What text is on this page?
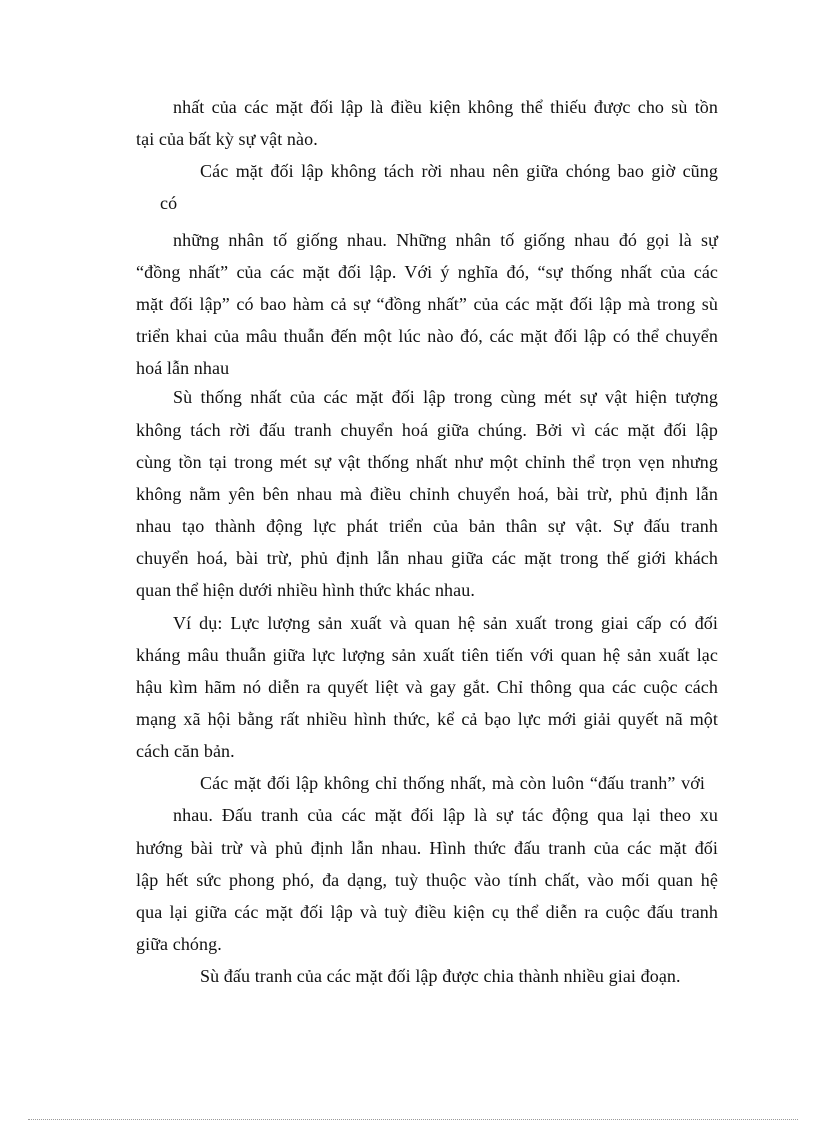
nhất của các mặt đối lập là điều kiện không thể thiếu được cho sù tồn
tại của bất kỳ sự vật nào.
Các mặt đối lập không tách rời nhau nên giữa chóng bao giờ cũng
có
những nhân tố giống nhau. Những nhân tố giống nhau đó gọi là sự
“đồng nhất” của các mặt đối lập. Với ý nghĩa đó, “sự thống nhất của các
mặt đối lập” có bao hàm cả sự “đồng nhất” của các mặt đối lập mà trong sù
triển khai của mâu thuẫn đến một lúc nào đó, các mặt đối lập có thể chuyển
hoá lẫn nhau
Sù thống nhất của các mặt đối lập trong cùng mét sự vật hiện tượng
không tách rời đấu tranh chuyển hoá giữa chúng. Bởi vì các mặt đối lập
cùng tồn tại trong mét sự vật thống nhất như một chỉnh thể trọn vẹn nhưng
không nằm yên bên nhau mà điều chỉnh chuyển hoá, bài trừ, phủ định lẫn
nhau tạo thành động lực phát triển của bản thân sự vật. Sự đấu tranh
chuyển hoá, bài trừ, phủ định lẫn nhau giữa các mặt trong thế giới khách
quan thể hiện dưới nhiều hình thức khác nhau.
Ví dụ: Lực lượng sản xuất và quan hệ sản xuất trong giai cấp có đối
kháng mâu thuẫn giữa lực lượng sản xuất tiên tiến với quan hệ sản xuất lạc
hậu kìm hãm nó diễn ra quyết liệt và gay gắt. Chỉ thông qua các cuộc cách
mạng xã hội bằng rất nhiều hình thức, kể cả bạo lực mới giải quyết nã một
cách căn bản.
Các mặt đối lập không chỉ thống nhất, mà còn luôn “đấu tranh” với
nhau. Đấu tranh của các mặt đối lập là sự tác động qua lại theo xu
hướng bài trừ và phủ định lẫn nhau. Hình thức đấu tranh của các mặt đối
lập hết sức phong phó, đa dạng, tuỳ thuộc vào tính chất, vào mối quan hệ
qua lại giữa các mặt đối lập và tuỳ điều kiện cụ thể diễn ra cuộc đấu tranh
giữa chóng.
Sù đấu tranh của các mặt đối lập được chia thành nhiều giai đoạn.
